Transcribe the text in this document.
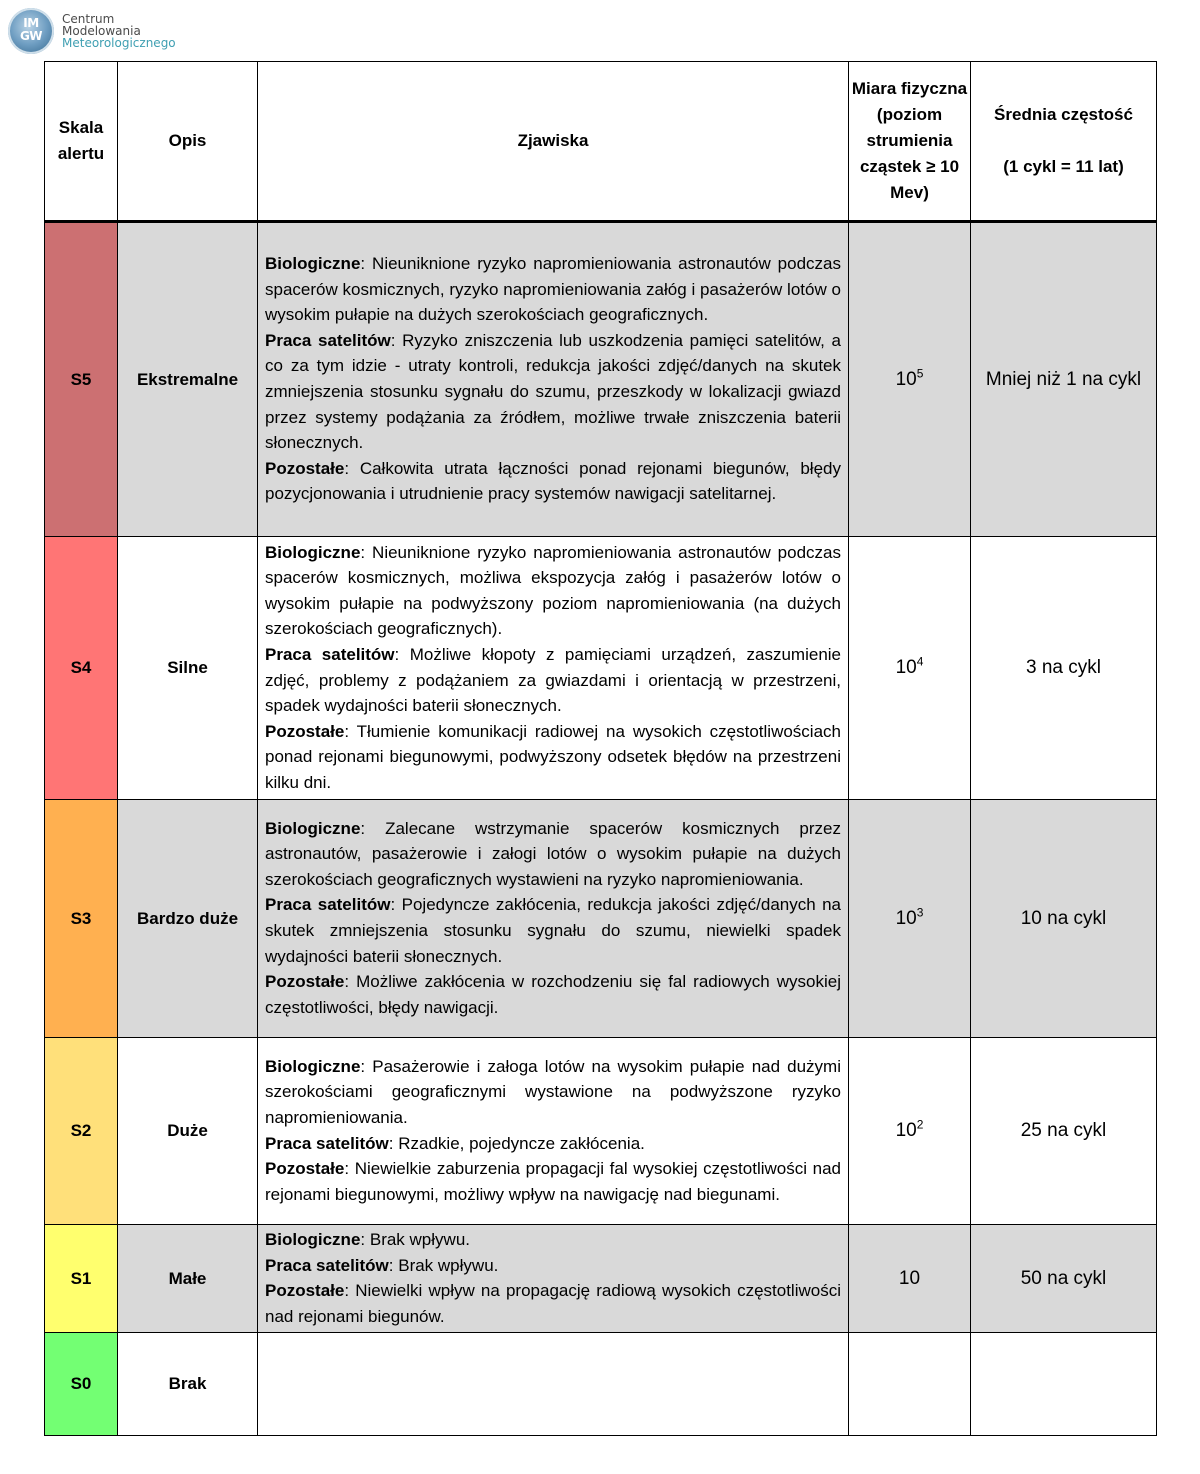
IM
GW
Centrum
Modelowania
Meteorologicznego
Skala alertu	Opis	Zjawiska	Miara fizyczna (poziom strumienia cząstek ≥ 10 Mev)	Średnia częstość
(1 cykl = 11 lat)

S5	Ekstremalne	Biologiczne: Nieuniknione ryzyko napromieniowania astronautów podczas spacerów kosmicznych, ryzyko napromieniowania załóg i pasażerów lotów o wysokim pułapie na dużych szerokościach geograficznych.

Praca satelitów: Ryzyko zniszczenia lub uszkodzenia pamięci satelitów, a co za tym idzie - utraty kontroli, redukcja jakości zdjęć/danych na skutek zmniejszenia stosunku sygnału do szumu, przeszkody w lokalizacji gwiazd przez systemy podążania za źródłem, możliwe trwałe zniszczenia baterii słonecznych.

Pozostałe: Całkowita utrata łączności ponad rejonami biegunów, błędy pozycjonowania i utrudnienie pracy systemów nawigacji satelitarnej.	$10^5$	Mniej niż 1 na cykl
S4	Silne	Biologiczne: Nieuniknione ryzyko napromieniowania astronautów podczas spacerów kosmicznych, możliwa ekspozycja załóg i pasażerów lotów o wysokim pułapie na podwyższony poziom napromieniowania (na dużych szerokościach geograficznych).

Praca satelitów: Możliwe kłopoty z pamięciami urządzeń, zaszumienie zdjęć, problemy z podążaniem za gwiazdami i orientacją w przestrzeni, spadek wydajności baterii słonecznych.

Pozostałe: Tłumienie komunikacji radiowej na wysokich częstotliwościach ponad rejonami biegunowymi, podwyższony odsetek błędów na przestrzeni kilku dni.	$10^4$	3 na cykl
S3	Bardzo duże	Biologiczne: Zalecane wstrzymanie spacerów kosmicznych przez astronautów, pasażerowie i załogi lotów o wysokim pułapie na dużych szerokościach geograficznych wystawieni na ryzyko napromieniowania.

Praca satelitów: Pojedyncze zakłócenia, redukcja jakości zdjęć/danych na skutek zmniejszenia stosunku sygnału do szumu, niewielki spadek wydajności baterii słonecznych.

Pozostałe: Możliwe zakłócenia w rozchodzeniu się fal radiowych wysokiej częstotliwości, błędy nawigacji.	$10^3$	10 na cykl
S2	Duże	Biologiczne: Pasażerowie i załoga lotów na wysokim pułapie nad dużymi szerokościami geograficznymi wystawione na podwyższone ryzyko napromieniowania.

Praca satelitów: Rzadkie, pojedyncze zakłócenia.

Pozostałe: Niewielkie zaburzenia propagacji fal wysokiej częstotliwości nad rejonami biegunowymi, możliwy wpływ na nawigację nad biegunami.	$10^2$	25 na cykl
S1	Małe	Biologiczne: Brak wpływu.

Praca satelitów: Brak wpływu.

Pozostałe: Niewielki wpływ na propagację radiową wysokich częstotliwości nad rejonami biegunów.	10	50 na cykl
S0	Brak			
